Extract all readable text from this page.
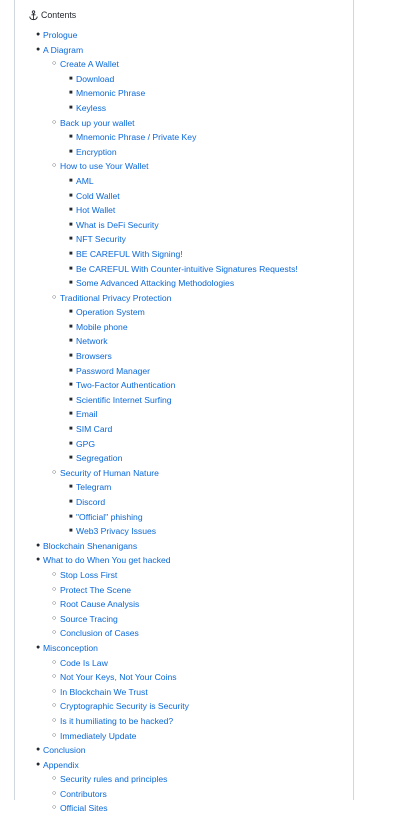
Contents
● Prologue
● A Diagram
○ Create A Wallet
■ Download
■ Mnemonic Phrase
■ Keyless
○ Back up your wallet
■ Mnemonic Phrase / Private Key
■ Encryption
○ How to use Your Wallet
■ AML
■ Cold Wallet
■ Hot Wallet
■ What is DeFi Security
■ NFT Security
■ BE CAREFUL With Signing!
■ Be CAREFUL With Counter-intuitive Signatures Requests!
■ Some Advanced Attacking Methodologies
○ Traditional Privacy Protection
■ Operation System
■ Mobile phone
■ Network
■ Browsers
■ Password Manager
■ Two-Factor Authentication
■ Scientific Internet Surfing
■ Email
■ SIM Card
■ GPG
■ Segregation
○ Security of Human Nature
■ Telegram
■ Discord
■ "Official" phishing
■ Web3 Privacy Issues
● Blockchain Shenanigans
● What to do When You get hacked
○ Stop Loss First
○ Protect The Scene
○ Root Cause Analysis
○ Source Tracing
○ Conclusion of Cases
● Misconception
○ Code Is Law
○ Not Your Keys, Not Your Coins
○ In Blockchain We Trust
○ Cryptographic Security is Security
○ Is it humiliating to be hacked?
○ Immediately Update
● Conclusion
● Appendix
○ Security rules and principles
○ Contributors
○ Official Sites
